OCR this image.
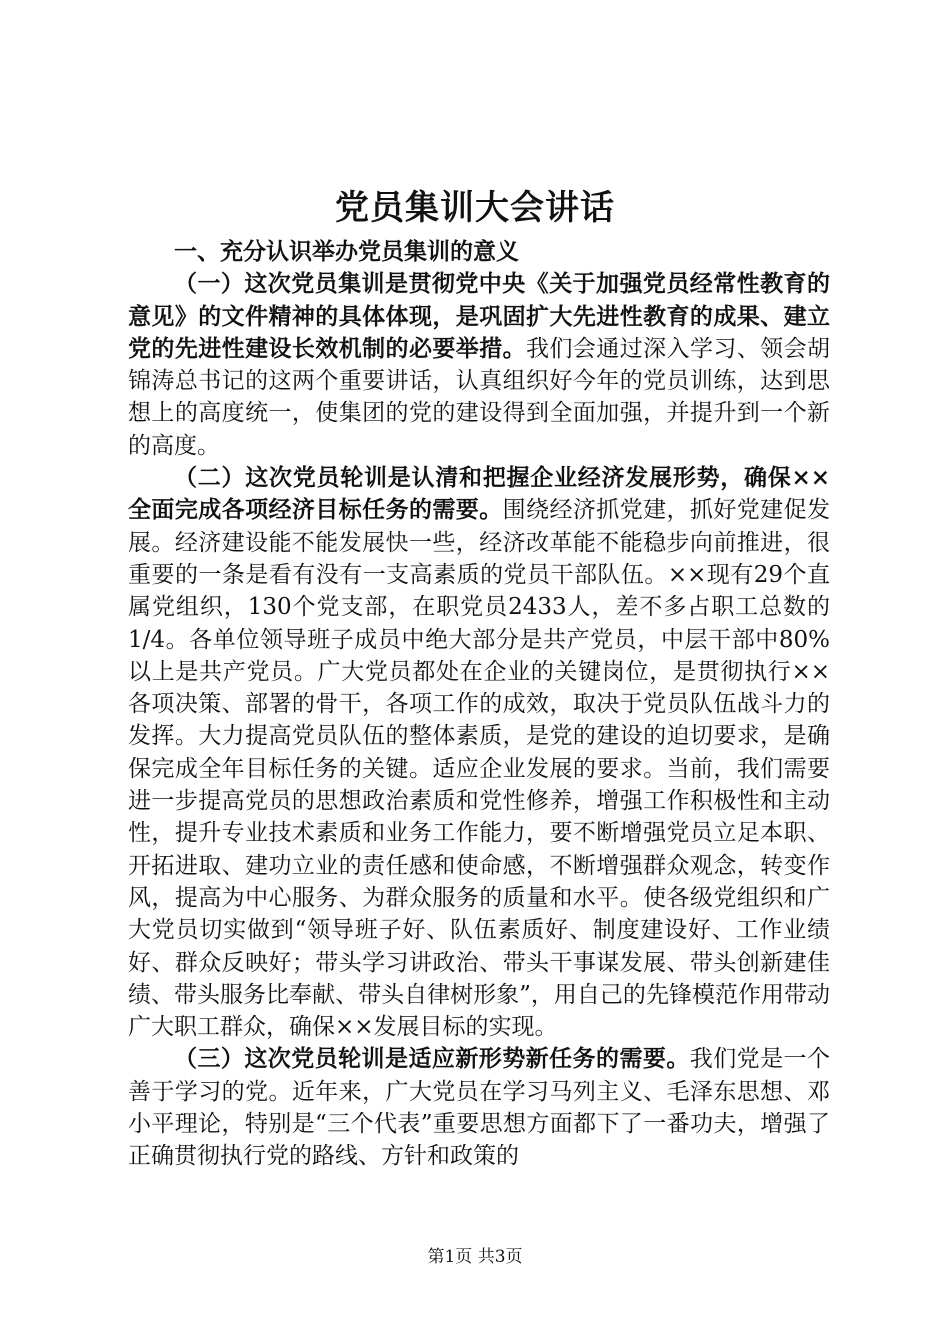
党员集训大会讲话

一、充分认识举办党员集训的意义

（一）这次党员集训是贯彻党中央《关于加强党员经常性教育的意见》的文件精神的具体体现，是巩固扩大先进性教育的成果、建立党的先进性建设长效机制的必要举措。我们会通过深入学习、领会胡锦涛总书记的这两个重要讲话，认真组织好今年的党员训练，达到思想上的高度统一，使集团的党的建设得到全面加强，并提升到一个新的高度。

（二）这次党员轮训是认清和把握企业经济发展形势，确保××全面完成各项经济目标任务的需要。围绕经济抓党建，抓好党建促发展。经济建设能不能发展快一些，经济改革能不能稳步向前推进，很重要的一条是看有没有一支高素质的党员干部队伍。××现有29个直属党组织，130个党支部，在职党员2433人，差不多占职工总数的1/4。各单位领导班子成员中绝大部分是共产党员，中层干部中80%以上是共产党员。广大党员都处在企业的关键岗位，是贯彻执行××各项决策、部署的骨干，各项工作的成效，取决于党员队伍战斗力的发挥。大力提高党员队伍的整体素质，是党的建设的迫切要求，是确保完成全年目标任务的关键。适应企业发展的要求。当前，我们需要进一步提高党员的思想政治素质和党性修养，增强工作积极性和主动性，提升专业技术素质和业务工作能力，要不断增强党员立足本职、开拓进取、建功立业的责任感和使命感，不断增强群众观念，转变作风，提高为中心服务、为群众服务的质量和水平。使各级党组织和广大党员切实做到“领导班子好、队伍素质好、制度建设好、工作业绩好、群众反映好；带头学习讲政治、带头干事谋发展、带头创新建佳绩、带头服务比奉献、带头自律树形象”，用自己的先锋模范作用带动广大职工群众，确保××发展目标的实现。

（三）这次党员轮训是适应新形势新任务的需要。我们党是一个善于学习的党。近年来，广大党员在学习马列主义、毛泽东思想、邓小平理论，特别是“三个代表”重要思想方面都下了一番功夫，增强了正确贯彻执行党的路线、方针和政策的

第1页 共3页
